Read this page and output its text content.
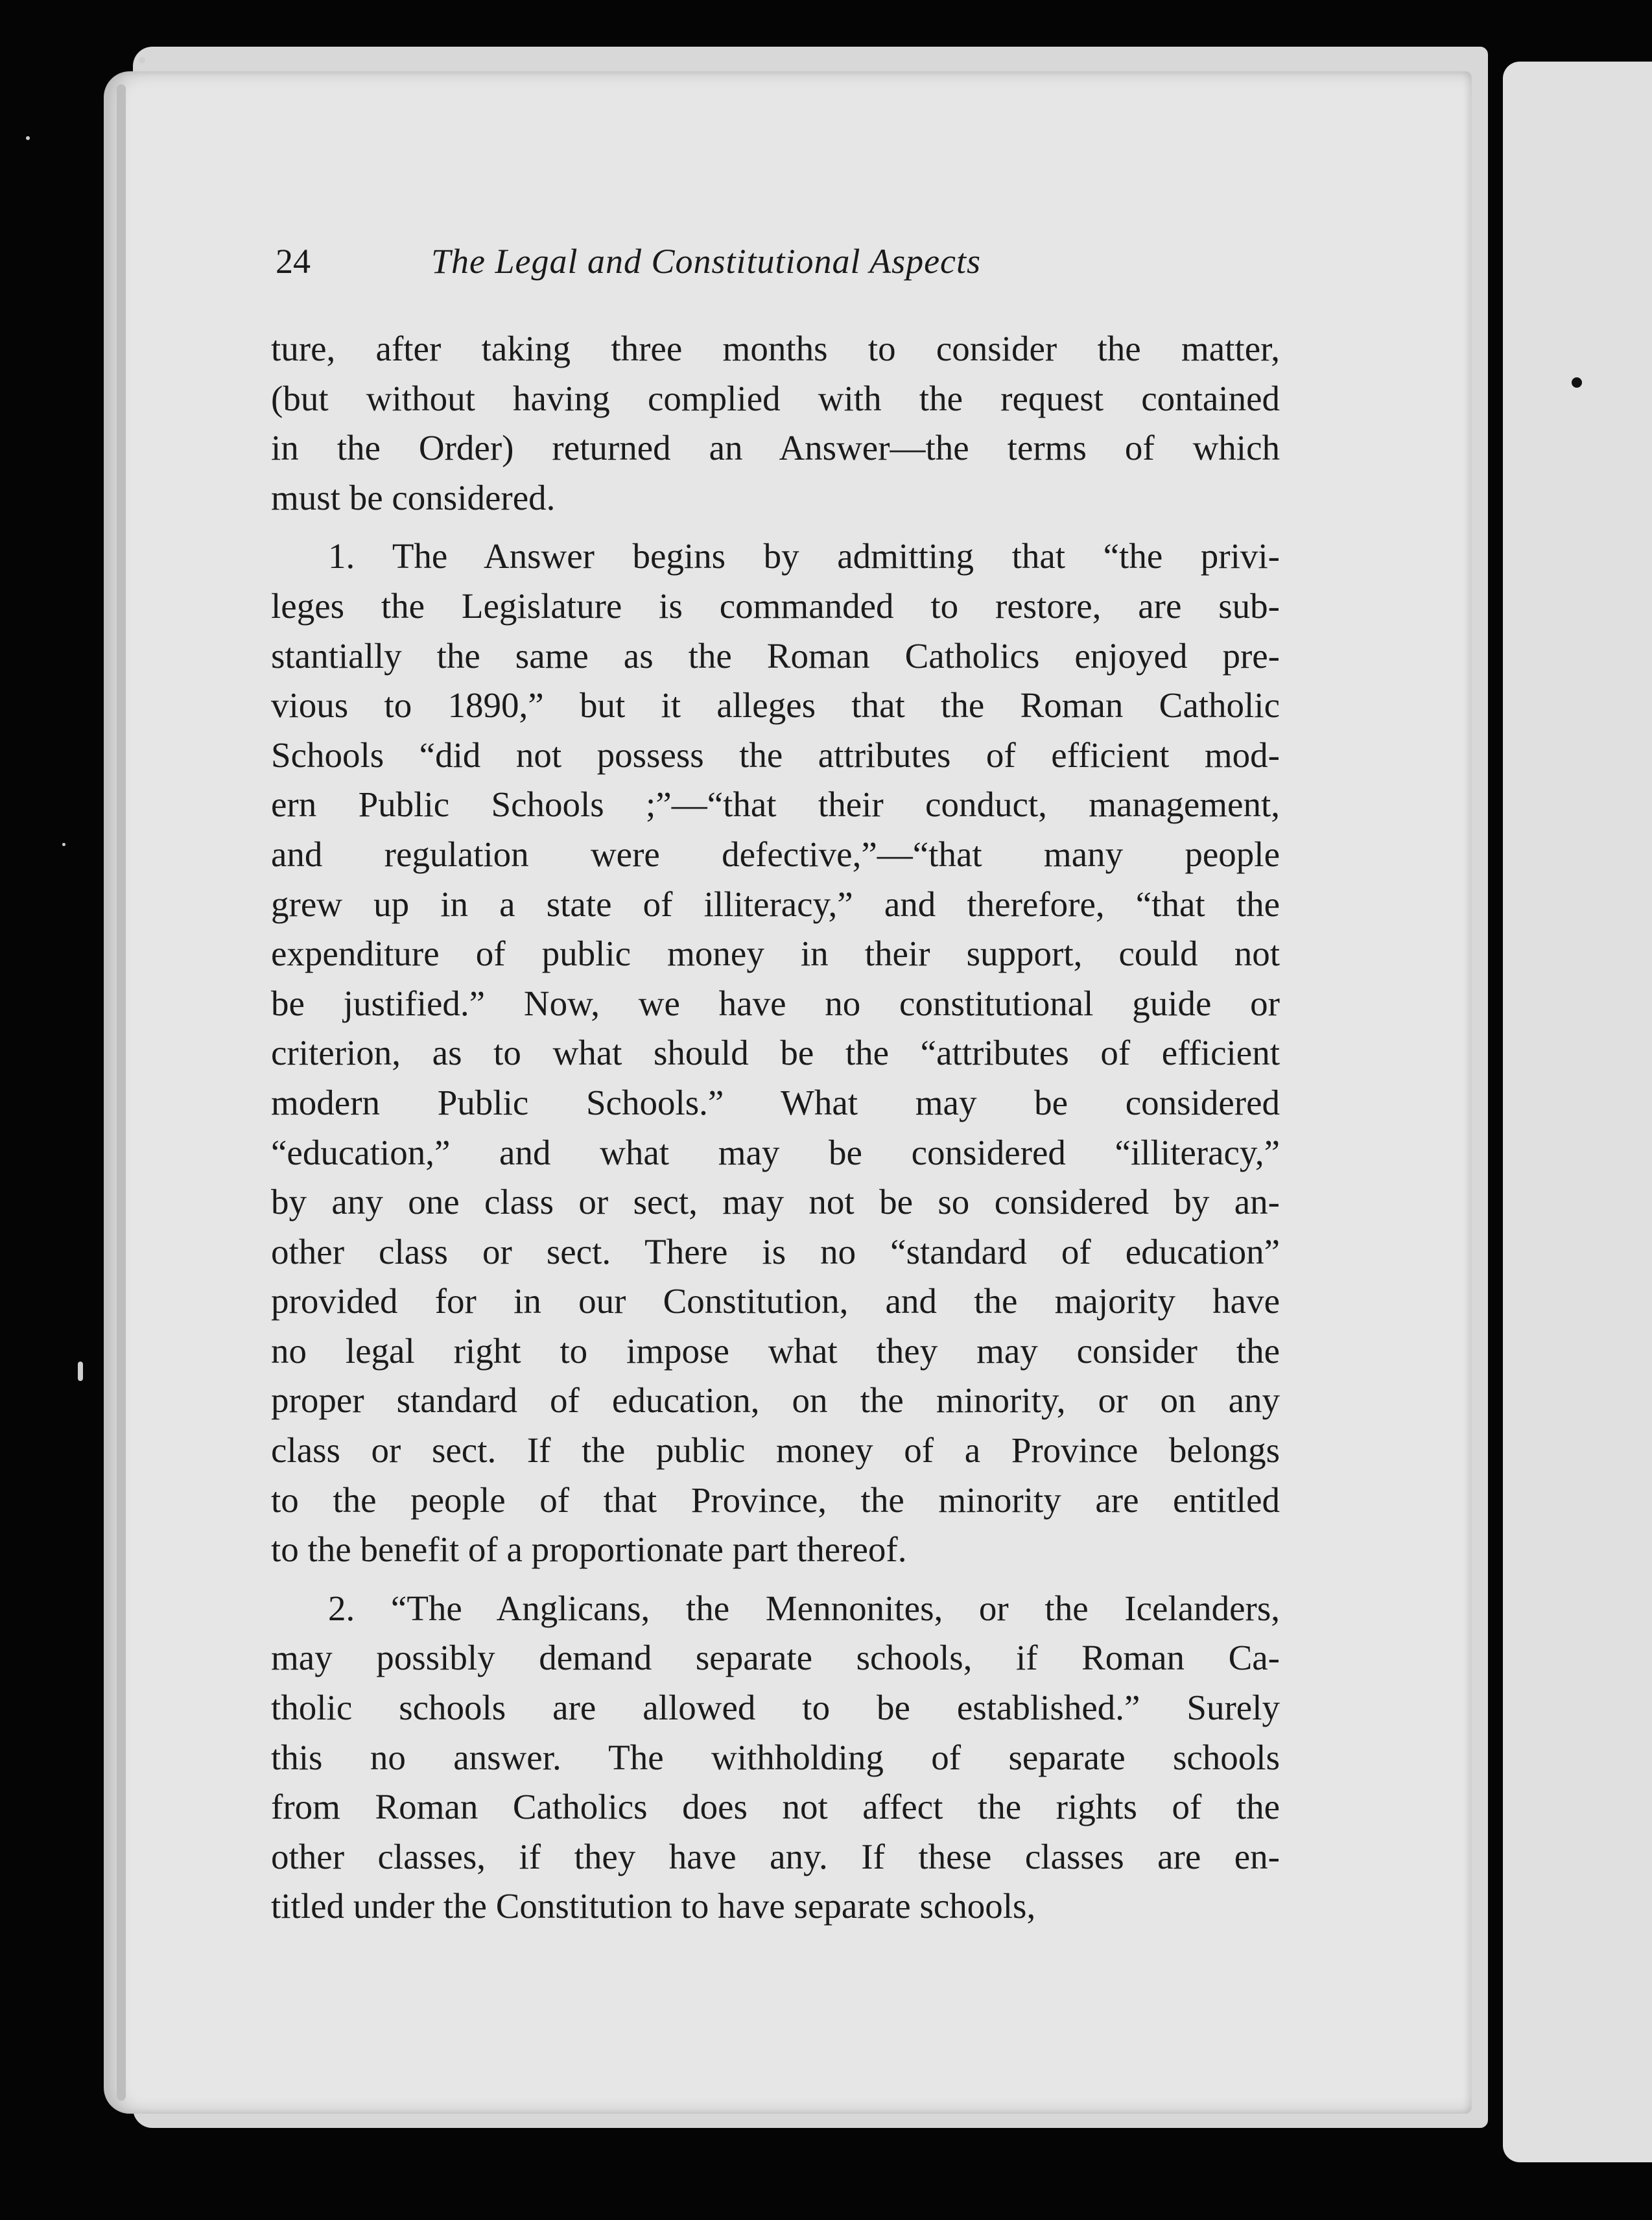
24	The Legal and Constitutional Aspects

ture, after taking three months to consider the matter,
(but without having complied with the request contained
in the Order) returned an Answer—the terms of which
must be considered.

1. The Answer begins by admitting that “the privi-
leges the Legislature is commanded to restore, are sub-
stantially the same as the Roman Catholics enjoyed pre-
vious to 1890,” but it alleges that the Roman Catholic
Schools “did not possess the attributes of efficient mod-
ern Public Schools ;”—“that their conduct, management,
and regulation were defective,”—“that many people
grew up in a state of illiteracy,” and therefore, “that the
expenditure of public money in their support, could not
be justified.” Now, we have no constitutional guide or
criterion, as to what should be the “attributes of efficient
modern Public Schools.” What may be considered
“education,” and what may be considered “illiteracy,”
by any one class or sect, may not be so considered by an-
other class or sect. There is no “standard of education”
provided for in our Constitution, and the majority have
no legal right to impose what they may consider the
proper standard of education, on the minority, or on any
class or sect. If the public money of a Province belongs
to the people of that Province, the minority are entitled
to the benefit of a proportionate part thereof.

2. “The Anglicans, the Mennonites, or the Icelanders,
may possibly demand separate schools, if Roman Ca-
tholic schools are allowed to be established.” Surely
this no answer. The withholding of separate schools
from Roman Catholics does not affect the rights of the
other classes, if they have any. If these classes are en-
titled under the Constitution to have separate schools,
